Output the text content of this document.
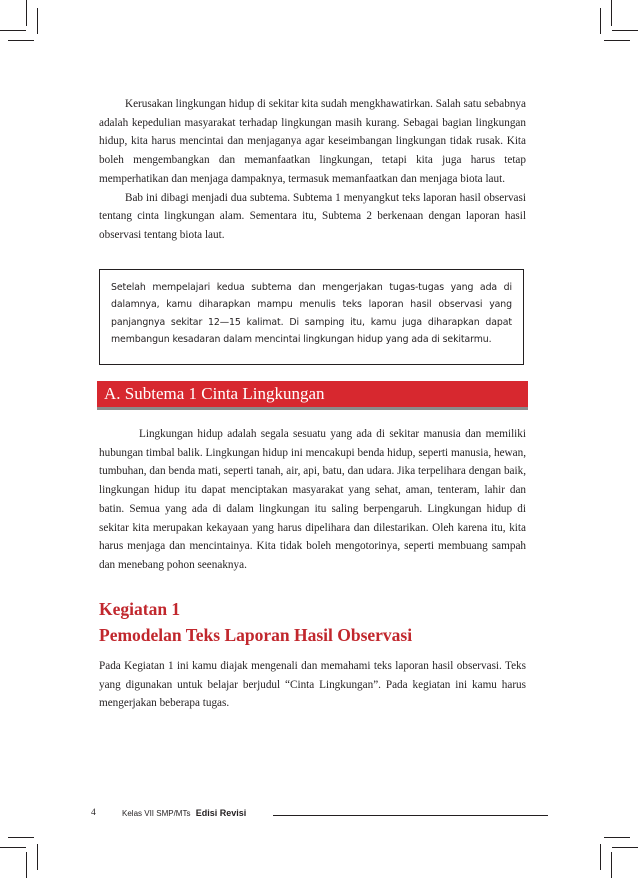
Kerusakan lingkungan hidup di sekitar kita sudah mengkhawatirkan. Salah satu sebabnya adalah kepedulian masyarakat terhadap lingkungan masih kurang. Sebagai bagian lingkungan hidup, kita harus mencintai dan menjaganya agar keseimbangan lingkungan tidak rusak. Kita boleh mengembangkan dan memanfaatkan lingkungan, tetapi kita juga harus tetap memperhatikan dan menjaga dampaknya, termasuk memanfaatkan dan menjaga biota laut.

Bab ini dibagi menjadi dua subtema. Subtema 1 menyangkut teks laporan hasil observasi tentang cinta lingkungan alam. Sementara itu, Subtema 2 berkenaan dengan laporan hasil observasi tentang biota laut.

Setelah mempelajari kedua subtema dan mengerjakan tugas-tugas yang ada di dalamnya, kamu diharapkan mampu menulis teks laporan hasil observasi yang panjangnya sekitar 12—15 kalimat. Di samping itu, kamu juga diharapkan dapat membangun kesadaran dalam mencintai lingkungan hidup yang ada di sekitarmu.
A. Subtema 1 Cinta Lingkungan

Lingkungan hidup adalah segala sesuatu yang ada di sekitar manusia dan memiliki hubungan timbal balik. Lingkungan hidup ini mencakupi benda hidup, seperti manusia, hewan, tumbuhan, dan benda mati, seperti tanah, air, api, batu, dan udara. Jika terpelihara dengan baik, lingkungan hidup itu dapat menciptakan masyarakat yang sehat, aman, tenteram, lahir dan batin. Semua yang ada di dalam lingkungan itu saling berpengaruh. Lingkungan hidup di sekitar kita merupakan kekayaan yang harus dipelihara dan dilestarikan. Oleh karena itu, kita harus menjaga dan mencintainya. Kita tidak boleh mengotorinya, seperti membuang sampah dan menebang pohon seenaknya.

Kegiatan 1
Pemodelan Teks Laporan Hasil Observasi

Pada Kegiatan 1 ini kamu diajak mengenali dan memahami teks laporan hasil observasi. Teks yang digunakan untuk belajar berjudul “Cinta Lingkungan”. Pada kegiatan ini kamu harus mengerjakan beberapa tugas.

4	Kelas VII SMP/MTs Edisi Revisi
